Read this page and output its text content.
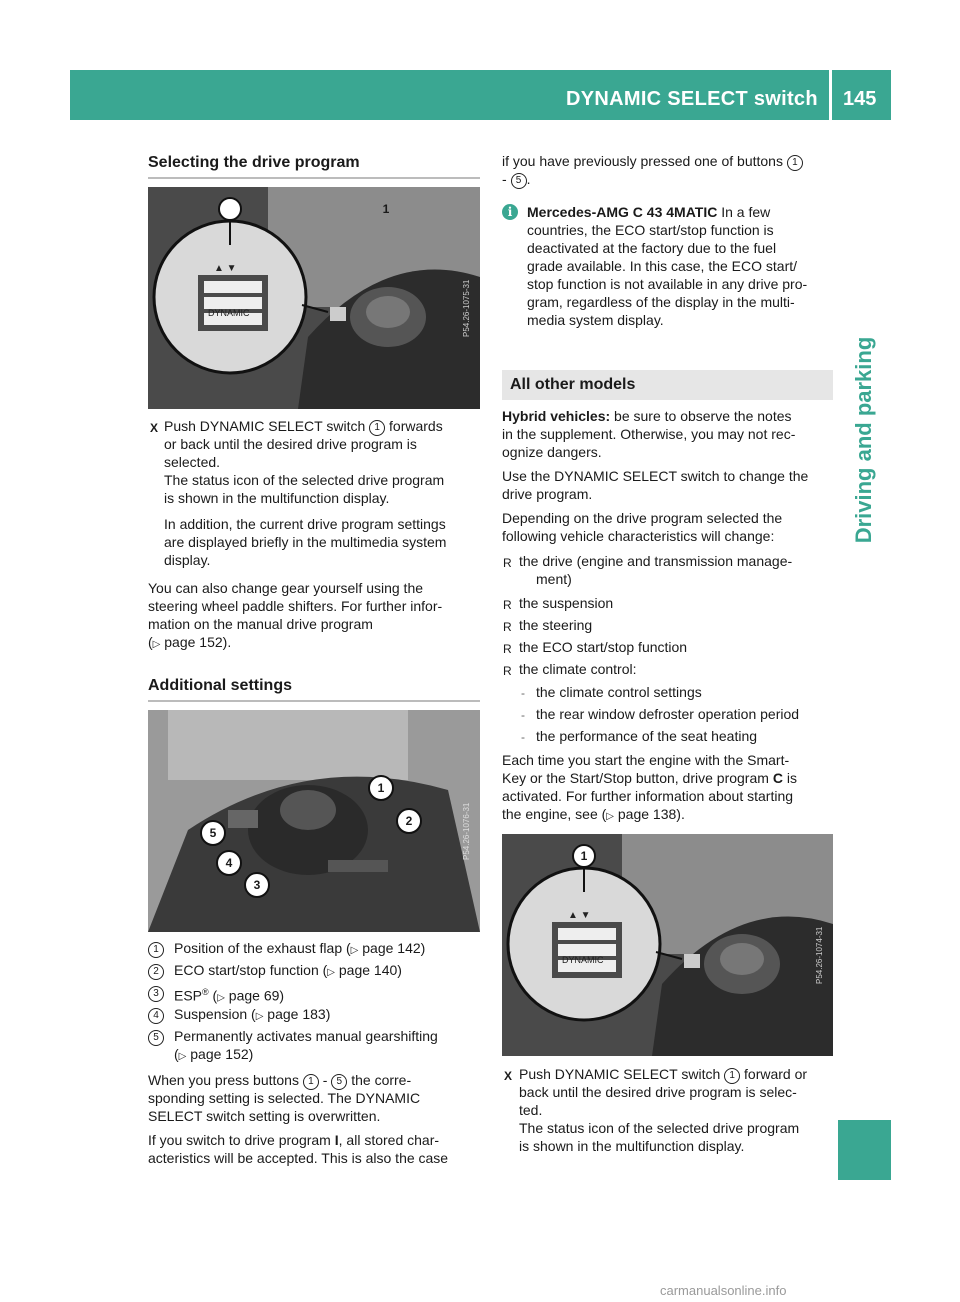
DYNAMIC SELECT switch 145
Driving and parking
Selecting the drive program
▲ ▼
1
DYNAMIC	P54.26-1075-31
X Push DYNAMIC SELECT switch 1 forwards

or back until the desired drive program is

selected.

The status icon of the selected drive program

is shown in the multifunction display.

In addition, the current drive program settings

are displayed briefly in the multimedia system

display.

You can also change gear yourself using the

steering wheel paddle shifters. For further infor-

mation on the manual drive program

(▷ page 152).

Additional settings
1
2
3
4
5	P54.26-1076-31

1 Position of the exhaust flap (▷ page 142)

2 ECO start/stop function (▷ page 140)

3 ESP® (▷ page 69)

4 Suspension (▷ page 183)

5 Permanently activates manual gearshifting

(▷ page 152)

When you press buttons 1 - 5 the corre-

sponding setting is selected. The DYNAMIC

SELECT switch setting is overwritten.

If you switch to drive program I, all stored char-

acteristics will be accepted. This is also the case

if you have previously pressed one of buttons 1

- 5 .

i	Mercedes-AMG C 43 4MATIC In a few

countries, the ECO start/stop function is

deactivated at the factory due to the fuel

grade available. In this case, the ECO start/

stop function is not available in any drive pro-

gram, regardless of the display in the multi-

media system display.

All other models

Hybrid vehicles: be sure to observe the notes

in the supplement. Otherwise, you may not rec-

ognize dangers.

Use the DYNAMIC SELECT switch to change the

drive program.

Depending on the drive program selected the

following vehicle characteristics will change:

R the drive (engine and transmission manage-

ment)

R the suspension

R the steering

R the ECO start/stop function

R the climate control:

- the climate control settings

- the rear window defroster operation period

- the performance of the seat heating

Each time you start the engine with the Smart-

Key or the Start/Stop button, drive program C is

activated. For further information about starting

the engine, see (▷ page 138).

▲ ▼
1
DYNAMIC	P54.26-1074-31
X Push DYNAMIC SELECT switch 1 forward or

back until the desired drive program is selec-

ted.

The status icon of the selected drive program

is shown in the multifunction display.

carmanualsonline.info
